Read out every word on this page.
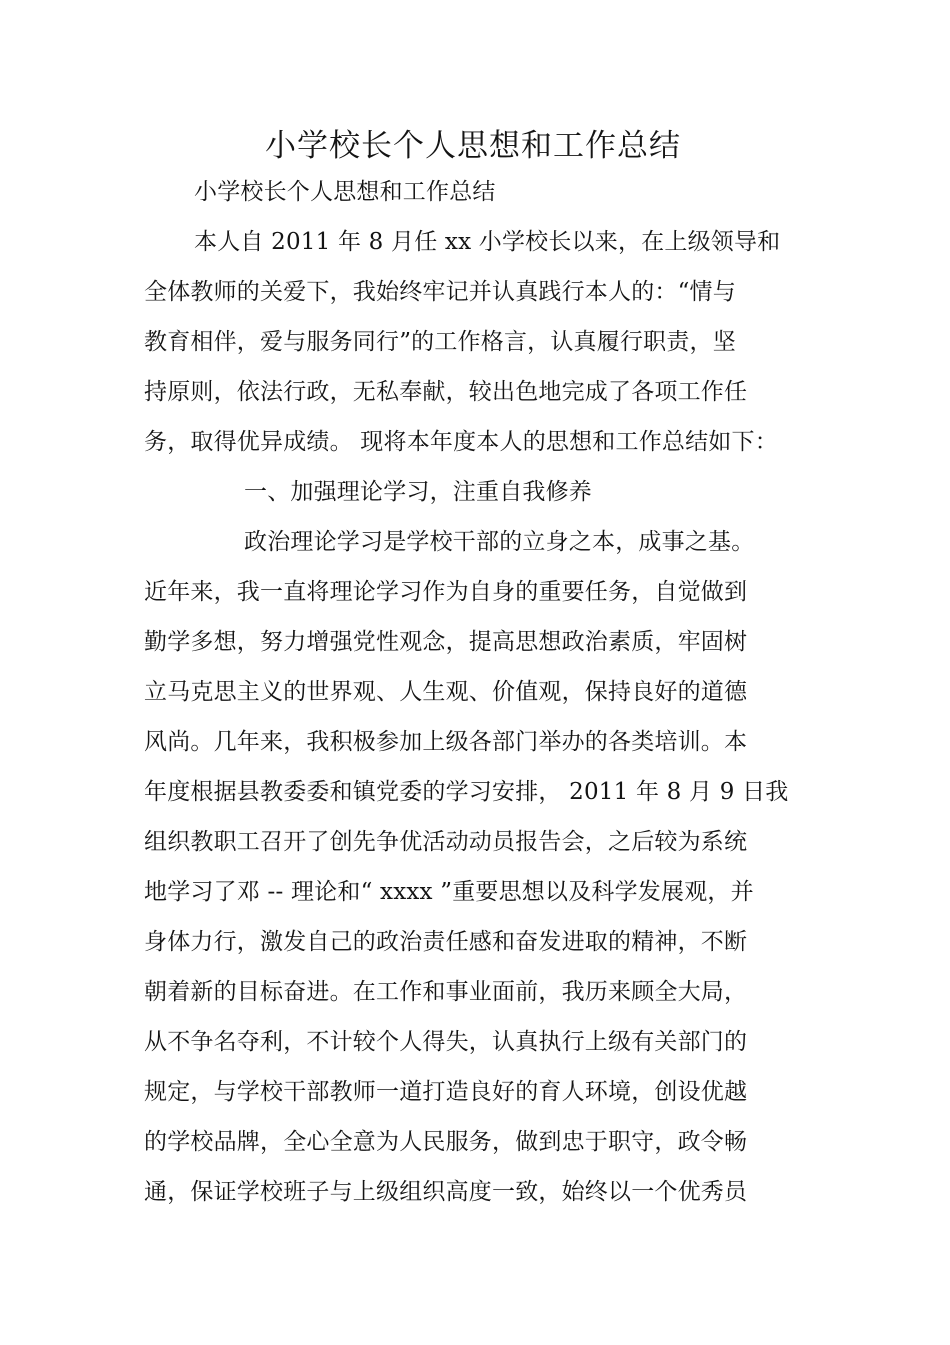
小学校长个人思想和工作总结
小学校长个人思想和工作总结
本人自 2011 年 8 月任 xx 小学校长以来，在上级领导和
全体教师的关爱下，我始终牢记并认真践行本人的：“情与
教育相伴，爱与服务同行”的工作格言，认真履行职责，坚
持原则，依法行政，无私奉献，较出色地完成了各项工作任
务，取得优异成绩。 现将本年度本人的思想和工作总结如下：
一、加强理论学习，注重自我修养
政治理论学习是学校干部的立身之本，成事之基。
近年来，我一直将理论学习作为自身的重要任务，自觉做到
勤学多想，努力增强党性观念，提高思想政治素质，牢固树
立马克思主义的世界观、人生观、价值观，保持良好的道德
风尚。几年来，我积极参加上级各部门举办的各类培训。本
年度根据县教委委和镇党委的学习安排， 2011 年 8 月 9 日我
组织教职工召开了创先争优活动动员报告会，之后较为系统
地学习了邓 -- 理论和“ xxxx ”重要思想以及科学发展观，并
身体力行，激发自己的政治责任感和奋发进取的精神，不断
朝着新的目标奋进。在工作和事业面前，我历来顾全大局，
从不争名夺利，不计较个人得失，认真执行上级有关部门的
规定，与学校干部教师一道打造良好的育人环境，创设优越
的学校品牌，全心全意为人民服务，做到忠于职守，政令畅
通，保证学校班子与上级组织高度一致，始终以一个优秀员
